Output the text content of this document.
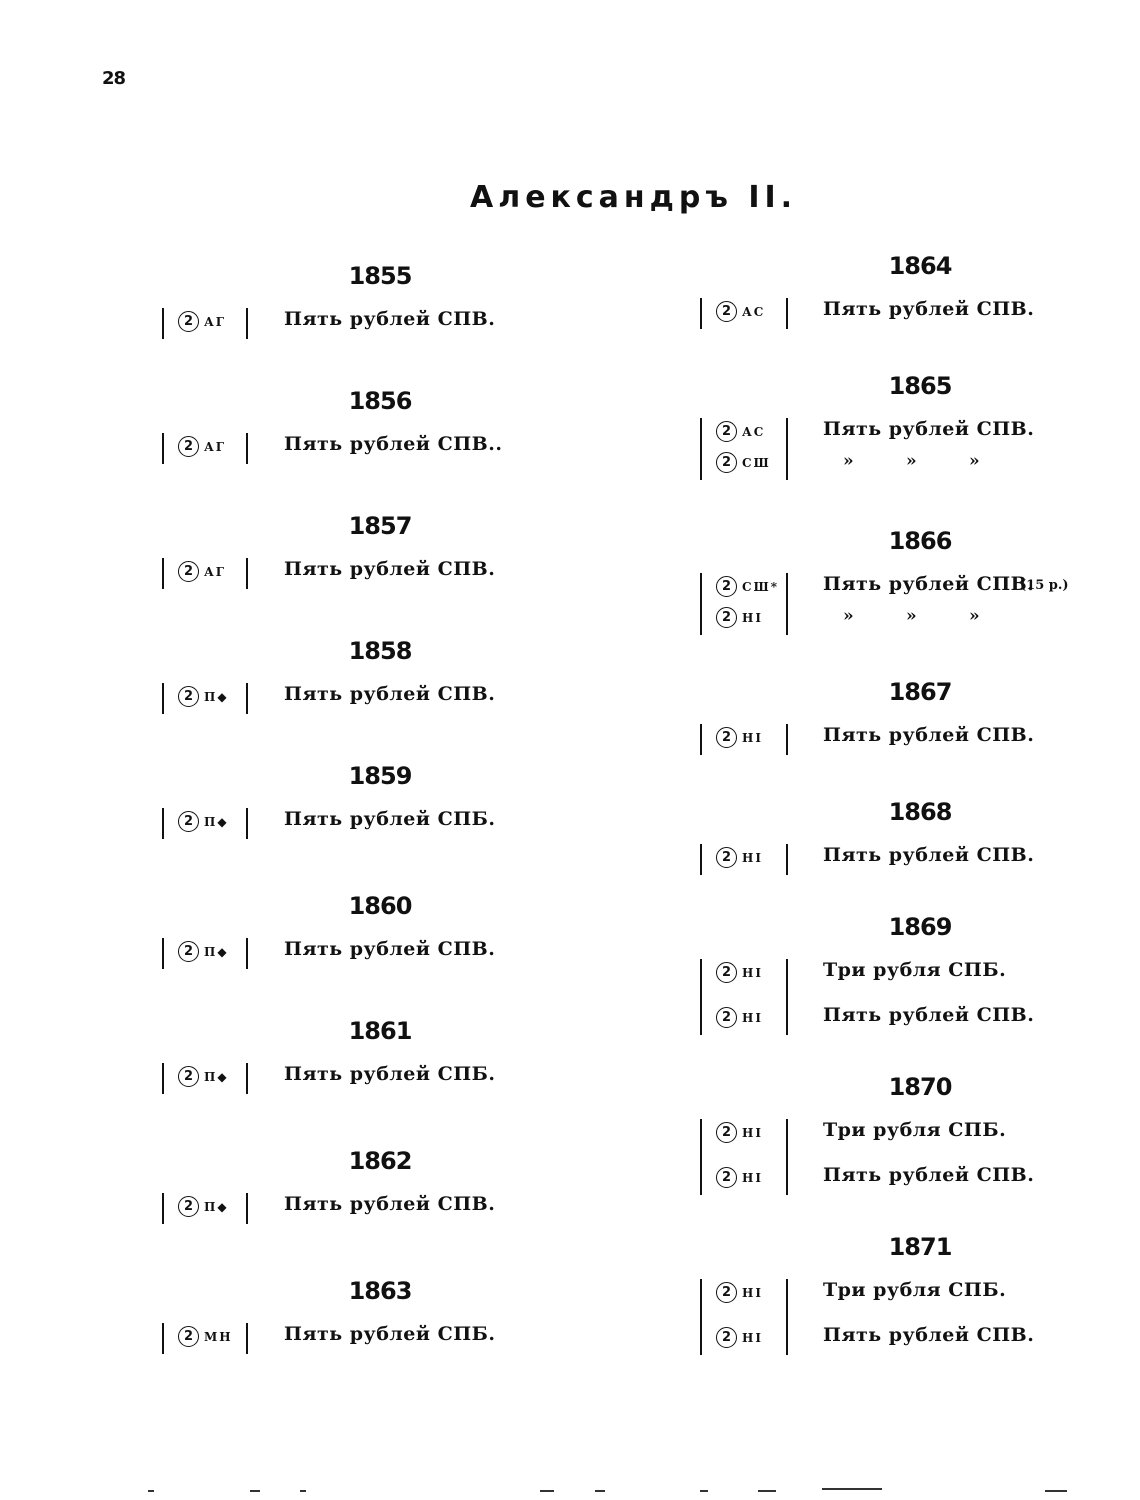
28
Александръ II.
1855
2 АГ	Пять рублей СПВ.
1856
2 АГ	Пять рублей СПВ..
1857
2 АГ	Пять рублей СПВ.
1858
2 П◆	Пять рублей СПВ.
1859
2 П◆	Пять рублей СПБ.
1860
2 П◆	Пять рублей СПВ.
1861
2 П◆	Пять рублей СПБ.
1862
2 П◆	Пять рублей СПВ.
1863
2 МН	Пять рублей СПБ.
1864
2 АС	Пять рублей СПВ.
1865
2 АС	Пять рублей СПВ.
2 СШ	»	»	»
1866
2 СШ* Пять рублей СПВ.
(15 р.)
2 НІ	»	»	»
1867
2 НІ	Пять рублей СПВ.
1868
2 НІ	Пять рублей СПВ.
1869
2 НІ	Три рубля СПБ.
2 НІ	Пять рублей СПВ.
1870
2 НІ	Три рубля СПБ.
2 НІ	Пять рублей СПВ.
1871
2 НІ	Три рубля СПБ.
2 НІ	Пять рублей СПВ.
